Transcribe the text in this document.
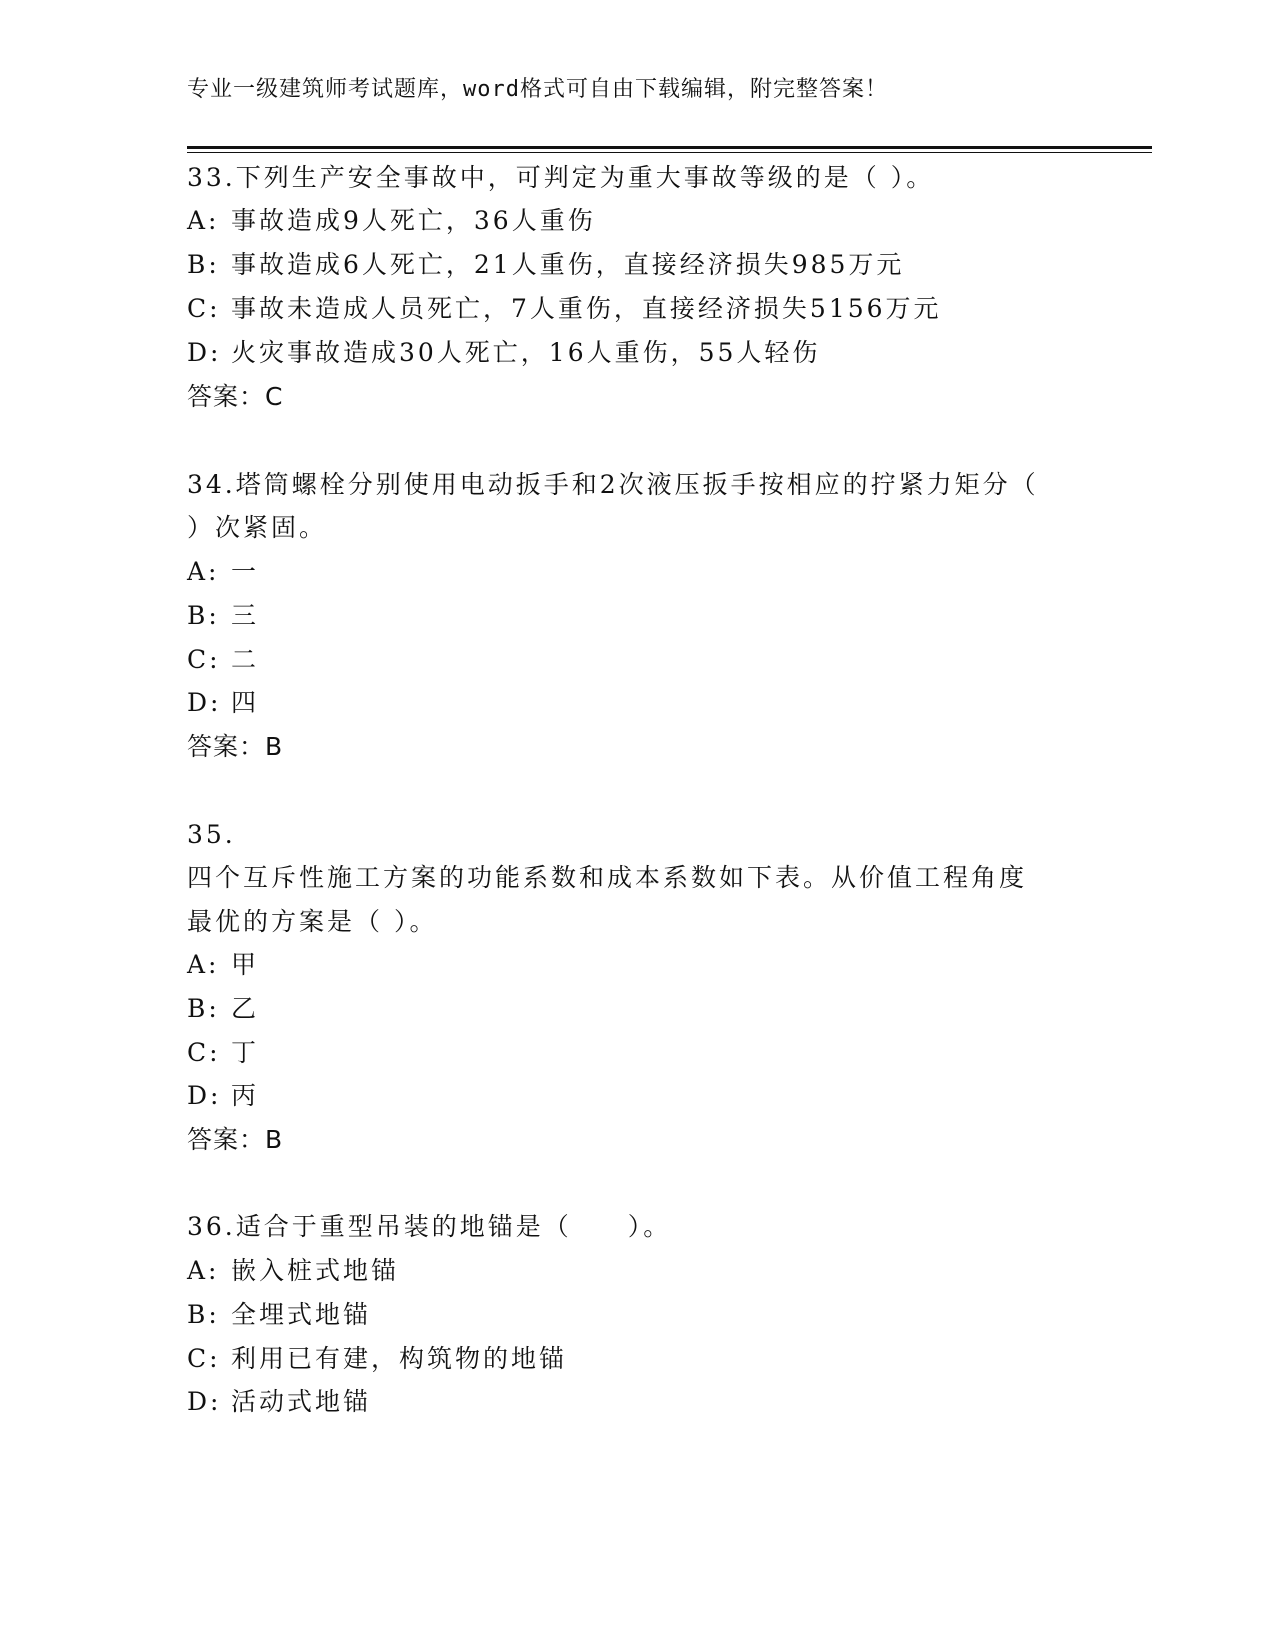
专业一级建筑师考试题库，word格式可自由下载编辑，附完整答案！
33.下列生产安全事故中，可判定为重大事故等级的是（ ）。
A: 事故造成9人死亡，36人重伤
B: 事故造成6人死亡，21人重伤，直接经济损失985万元
C: 事故未造成人员死亡，7人重伤，直接经济损失5156万元
D: 火灾事故造成30人死亡，16人重伤，55人轻伤
答案：C
34.塔筒螺栓分别使用电动扳手和2次液压扳手按相应的拧紧力矩分（
）次紧固。
A: 一
B: 三
C: 二
D: 四
答案：B
35.
四个互斥性施工方案的功能系数和成本系数如下表。从价值工程角度
最优的方案是（ ）。
A: 甲
B: 乙
C: 丁
D: 丙
答案：B
36.适合于重型吊装的地锚是（　　）。
A: 嵌入桩式地锚
B: 全埋式地锚
C: 利用已有建，构筑物的地锚
D: 活动式地锚
